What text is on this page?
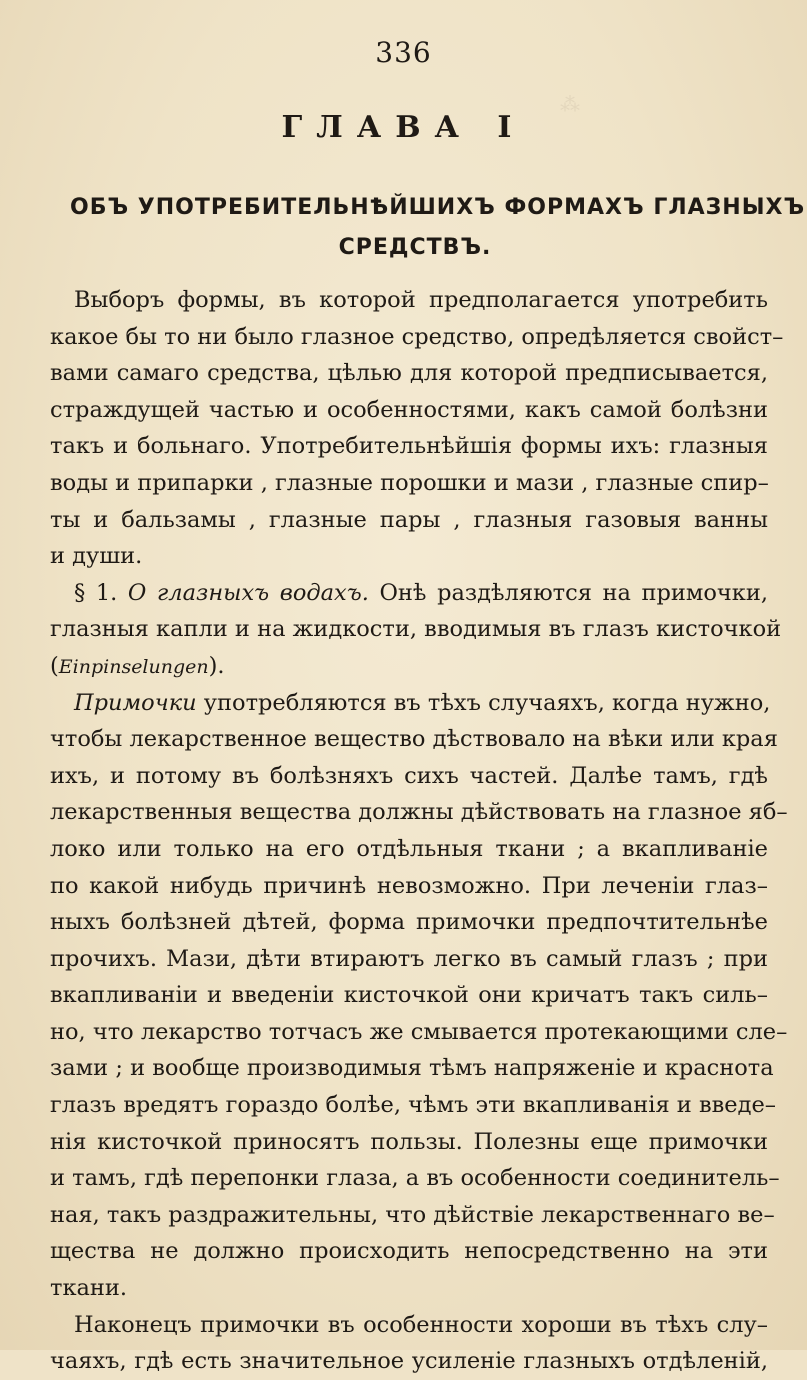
⁂
336
ГЛАВА I
ОБЪ УПОТРЕБИТЕЛЬНѢЙШИХЪ ФОРМАХЪ ГЛАЗНЫХЪ
СРЕДСТВЪ.
Выборъ формы, въ которой предполагается употребить
какое бы то ни было глазное средство, опредѣляется свойст–
вами самаго средства, цѣлью для которой предписывается,
страждущей частью и особенностями, какъ самой болѣзни
такъ и больнаго. Употребительнѣйшія формы ихъ: глазныя
воды и припарки , глазные порошки и мази , глазные спир–
ты и бальзамы , глазные пары , глазныя газовыя ванны
и души.
§ 1. О глазныхъ водахъ. Онѣ раздѣляются на примочки,
глазныя капли и на жидкости, вводимыя въ глазъ кисточкой
(Einpinselungen).
Примочки употребляются въ тѣхъ случаяхъ, когда нужно,
чтобы лекарственное вещество дѣствовало на вѣки или края
ихъ, и потому въ болѣзняхъ сихъ частей. Далѣе тамъ, гдѣ
лекарственныя вещества должны дѣйствовать на глазное яб–
локо или только на его отдѣльныя ткани ; а вкапливаніе
по какой нибудь причинѣ невозможно. При леченіи глаз–
ныхъ болѣзней дѣтей, форма примочки предпочтительнѣе
прочихъ. Мази, дѣти втираютъ легко въ самый глазъ ; при
вкапливаніи и введеніи кисточкой они кричатъ такъ силь–
но, что лекарство тотчасъ же смывается протекающими сле–
зами ; и вообще производимыя тѣмъ напряженіе и краснота
глазъ вредятъ гораздо болѣе, чѣмъ эти вкапливанія и введе–
нія кисточкой приносятъ пользы. Полезны еще примочки
и тамъ, гдѣ перепонки глаза, а въ особенности соединитель–
ная, такъ раздражительны, что дѣйствіе лекарственнаго ве–
щества не должно происходить непосредственно на эти
ткани.
Наконецъ примочки въ особенности хороши въ тѣхъ слу–
чаяхъ, гдѣ есть значительное усиленіе глазныхъ отдѣленій,
